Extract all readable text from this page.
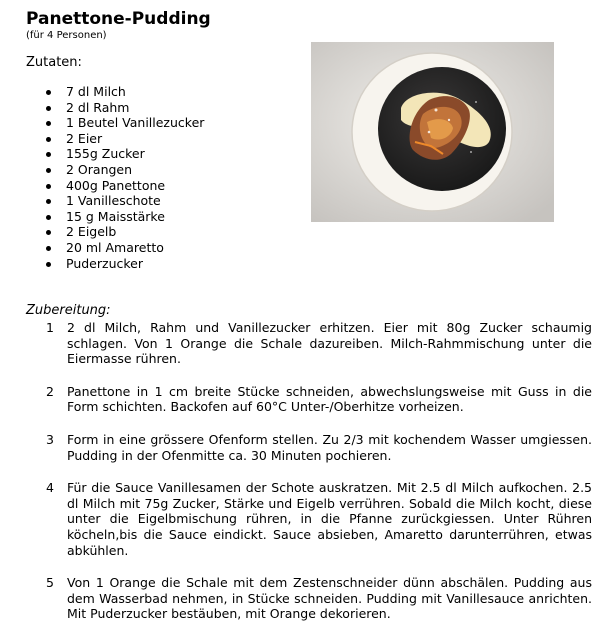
Panettone-Pudding
(für 4 Personen)
Zutaten:
7 dl Milch
2 dl Rahm
1 Beutel Vanillezucker
2 Eier
155g Zucker
2 Orangen
400g Panettone
1 Vanilleschote
15 g Maisstärke
2 Eigelb
20 ml Amaretto
Puderzucker
Zubereitung:
1	2 dl Milch, Rahm und Vanillezucker erhitzen. Eier mit 80g Zucker schaumig schlagen. Von 1 Orange die Schale dazureiben. Milch-Rahmmischung unter die Eiermasse rühren.
2	Panettone in 1 cm breite Stücke schneiden, abwechslungsweise mit Guss in die Form schichten. Backofen auf 60°C Unter-/Oberhitze vorheizen.
3	Form in eine grössere Ofenform stellen. Zu 2/3 mit kochendem Wasser umgiessen. Pudding in der Ofenmitte ca. 30 Minuten pochieren.
4	Für die Sauce Vanillesamen der Schote auskratzen. Mit 2.5 dl Milch aufkochen. 2.5 dl Milch mit 75g Zucker, Stärke und Eigelb verrühren. Sobald die Milch kocht, diese unter die Eigelbmischung rühren, in die Pfanne zurückgiessen. Unter Rühren köcheln,bis die Sauce eindickt. Sauce absieben, Amaretto darunterrühren, etwas abkühlen.
5	Von 1 Orange die Schale mit dem Zestenschneider dünn abschälen. Pudding aus dem Wasserbad nehmen, in Stücke schneiden. Pudding mit Vanillesauce anrichten. Mit Puderzucker bestäuben, mit Orange dekorieren.
